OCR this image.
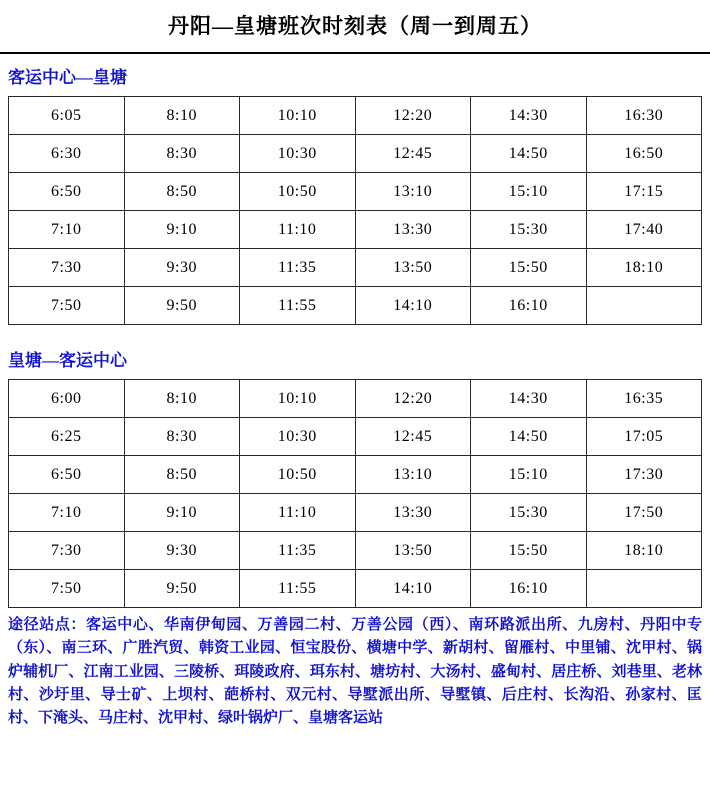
丹阳—皇塘班次时刻表（周一到周五）
客运中心—皇塘
6:05	8:10	10:10	12:20	14:30	16:30
6:30	8:30	10:30	12:45	14:50	16:50
6:50	8:50	10:50	13:10	15:10	17:15
7:10	9:10	11:10	13:30	15:30	17:40
7:30	9:30	11:35	13:50	15:50	18:10
7:50	9:50	11:55	14:10	16:10	
皇塘—客运中心
6:00	8:10	10:10	12:20	14:30	16:35
6:25	8:30	10:30	12:45	14:50	17:05
6:50	8:50	10:50	13:10	15:10	17:30
7:10	9:10	11:10	13:30	15:30	17:50
7:30	9:30	11:35	13:50	15:50	18:10
7:50	9:50	11:55	14:10	16:10	
途径站点：客运中心、华南伊甸园、万善园二村、万善公园（西）、南环路派出所、九房村、丹阳中专（东）、南三环、广胜汽贸、韩资工业园、恒宝股份、横塘中学、新胡村、留雁村、中里铺、沈甲村、锅炉辅机厂、江南工业园、三陵桥、珥陵政府、珥东村、塘坊村、大汤村、盛甸村、居庄桥、刘巷里、老林村、沙圩里、导士矿、上坝村、葩桥村、双元村、导墅派出所、导墅镇、后庄村、长沟沿、孙家村、匡村、下淹头、马庄村、沈甲村、绿叶锅炉厂、皇塘客运站
